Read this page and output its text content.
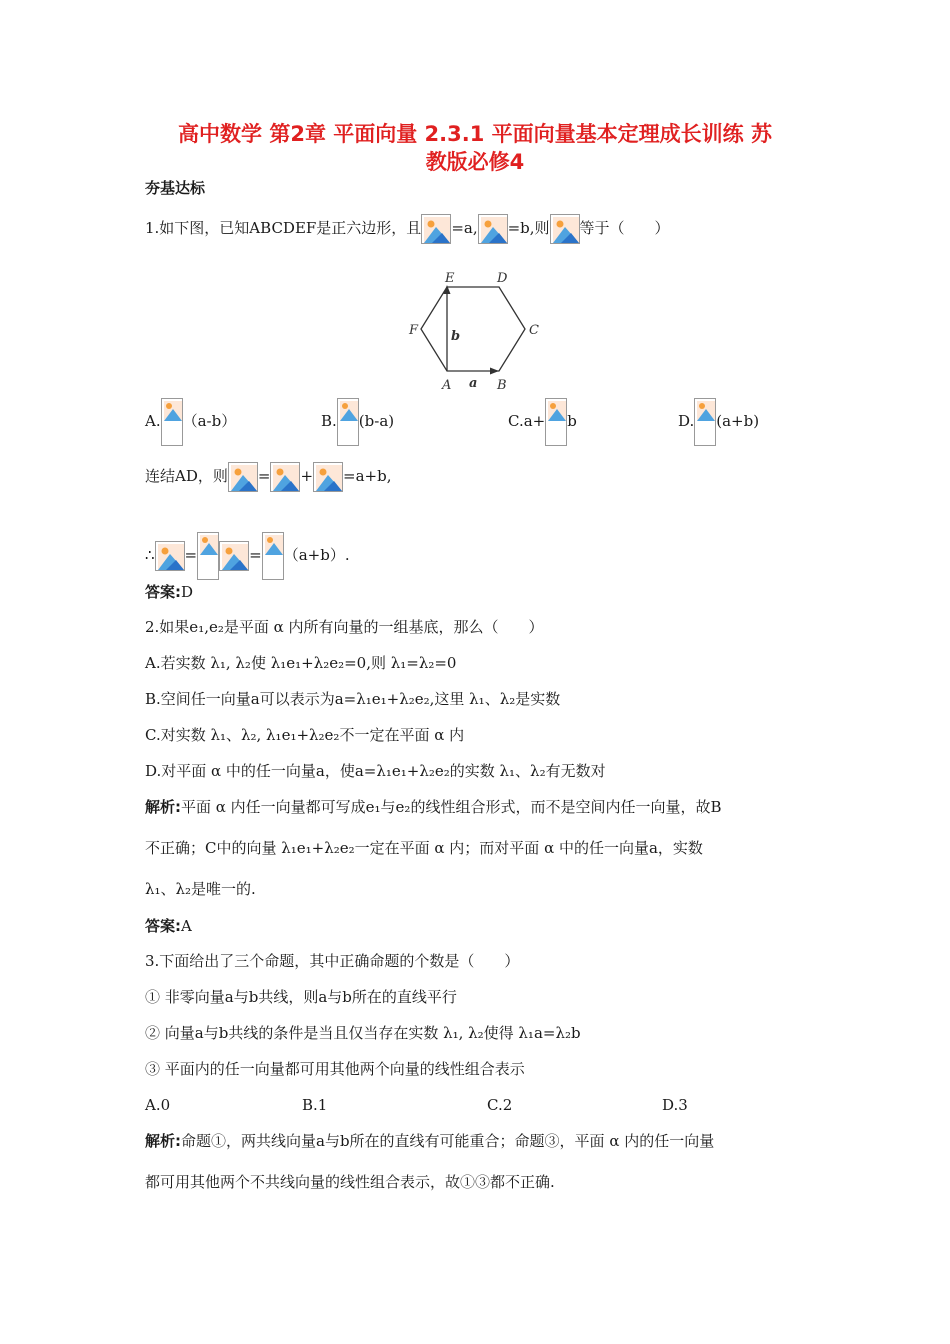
高中数学 第2章 平面向量 2.3.1 平面向量基本定理成长训练 苏
教版必修4
夯基达标
1.如下图，已知ABCDEF是正六边形，且 =a, =b,则 等于（　　）
E	D
F	C
A	B
a
b
A. （a-b）	B. (b-a)	C.a+ b	D. (a+b)
连结AD，则 = + =a+b,
∴ =	= （a+b）.
答案:D
2.如果e₁,e₂是平面 α 内所有向量的一组基底，那么（　　）
A.若实数 λ₁, λ₂使 λ₁e₁+λ₂e₂=0,则 λ₁=λ₂=0
B.空间任一向量a可以表示为a=λ₁e₁+λ₂e₂,这里 λ₁、λ₂是实数
C.对实数 λ₁、λ₂, λ₁e₁+λ₂e₂不一定在平面 α 内
D.对平面 α 中的任一向量a，使a=λ₁e₁+λ₂e₂的实数 λ₁、λ₂有无数对
解析:平面 α 内任一向量都可写成e₁与e₂的线性组合形式，而不是空间内任一向量，故B
不正确；C中的向量 λ₁e₁+λ₂e₂一定在平面 α 内；而对平面 α 中的任一向量a，实数
λ₁、λ₂是唯一的.
答案:A
3.下面给出了三个命题，其中正确命题的个数是（　　）
① 非零向量a与b共线，则a与b所在的直线平行
② 向量a与b共线的条件是当且仅当存在实数 λ₁, λ₂使得 λ₁a=λ₂b
③ 平面内的任一向量都可用其他两个向量的线性组合表示
A.0	B.1	C.2	D.3
解析:命题①，两共线向量a与b所在的直线有可能重合；命题③，平面 α 内的任一向量
都可用其他两个不共线向量的线性组合表示，故①③都不正确.
